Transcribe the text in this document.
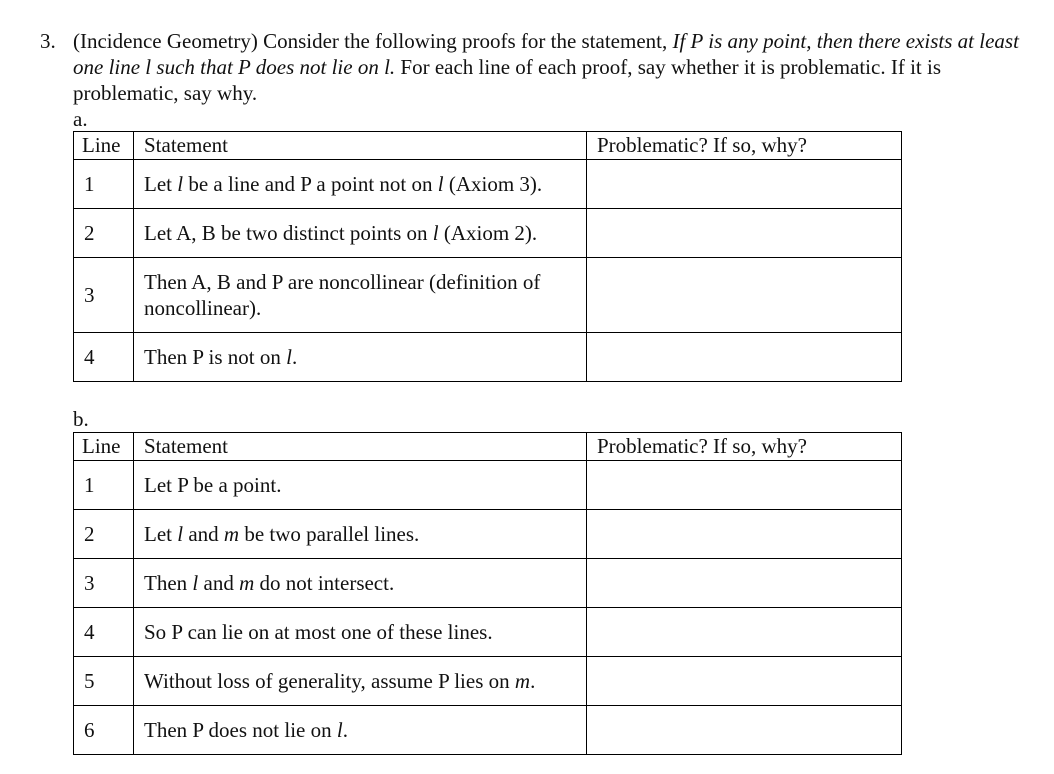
3. (Incidence Geometry) Consider the following proofs for the statement, If P is any point, then there exists at least one line l such that P does not lie on l. For each line of each proof, say whether it is problematic. If it is problematic, say why.
a.
Line	Statement	Problematic? If so, why?
1	Let l be a line and P a point not on l (Axiom 3).	
2	Let A, B be two distinct points on l (Axiom 2).	
3	Then A, B and P are noncollinear (definition of
noncollinear).	
4	Then P is not on l.	
b.
Line	Statement	Problematic? If so, why?
1	Let P be a point.	
2	Let l and m be two parallel lines.	
3	Then l and m do not intersect.	
4	So P can lie on at most one of these lines.	
5	Without loss of generality, assume P lies on m.	
6	Then P does not lie on l.	
